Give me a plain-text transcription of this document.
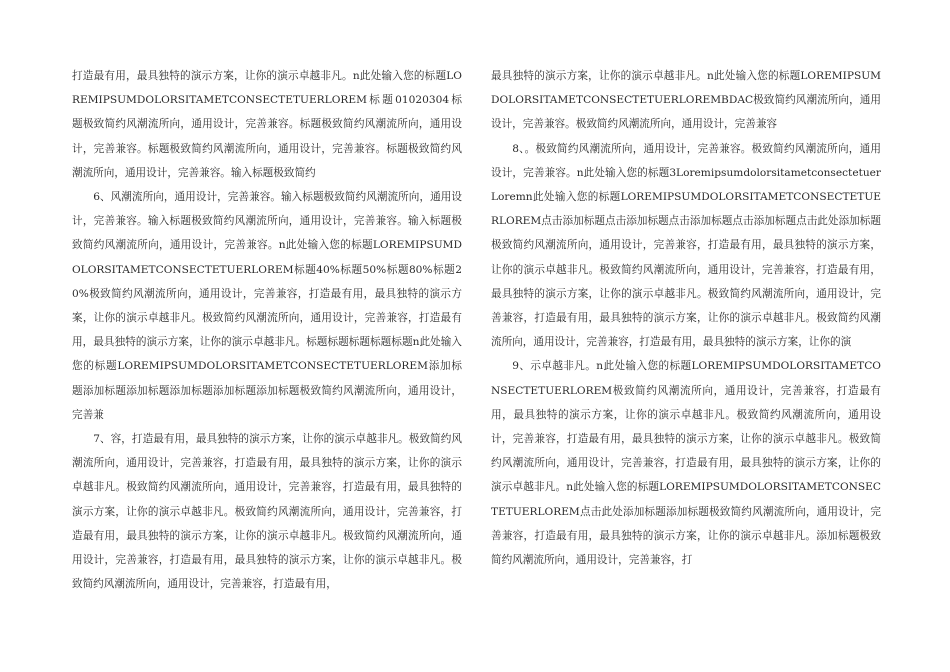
打造最有用，最具独特的演示方案，让你的演示卓越非凡。n此处输入您的标题LOREMIPSUMDOLORSITAMETCONSECTETUERLOREM标题01020304标题极致简约风潮流所向，通用设计，完善兼容。标题极致简约风潮流所向，通用设计，完善兼容。标题极致简约风潮流所向，通用设计，完善兼容。标题极致简约风潮流所向，通用设计，完善兼容。输入标题极致简约

6、风潮流所向，通用设计，完善兼容。输入标题极致简约风潮流所向，通用设计，完善兼容。输入标题极致简约风潮流所向，通用设计，完善兼容。输入标题极致简约风潮流所向，通用设计，完善兼容。n此处输入您的标题LOREMIPSUMDOLORSITAMETCONSECTETUERLOREM标题40%标题50%标题80%标题20%极致简约风潮流所向，通用设计，完善兼容，打造最有用，最具独特的演示方案，让你的演示卓越非凡。极致简约风潮流所向，通用设计，完善兼容，打造最有用，最具独特的演示方案，让你的演示卓越非凡。标题标题标题标题标题n此处输入您的标题LOREMIPSUMDOLORSITAMETCONSECTETUERLOREM添加标题添加标题添加标题添加标题添加标题添加标题极致简约风潮流所向，通用设计，完善兼

7、容，打造最有用，最具独特的演示方案，让你的演示卓越非凡。极致简约风潮流所向，通用设计，完善兼容，打造最有用，最具独特的演示方案，让你的演示卓越非凡。极致简约风潮流所向，通用设计，完善兼容，打造最有用，最具独特的演示方案，让你的演示卓越非凡。极致简约风潮流所向，通用设计，完善兼容，打造最有用，最具独特的演示方案，让你的演示卓越非凡。极致简约风潮流所向，通用设计，完善兼容，打造最有用，最具独特的演示方案，让你的演示卓越非凡。极致简约风潮流所向，通用设计，完善兼容，打造最有用，

最具独特的演示方案，让你的演示卓越非凡。n此处输入您的标题LOREMIPSUMDOLORSITAMETCONSECTETUERLOREMBDAC极致简约风潮流所向，通用设计，完善兼容。极致简约风潮流所向，通用设计，完善兼容

8、。极致简约风潮流所向，通用设计，完善兼容。极致简约风潮流所向，通用设计，完善兼容。n此处输入您的标题3LoremipsumdolorsitametconsectetuerLoremn此处输入您的标题LOREMIPSUMDOLORSITAMETCONSECTETUERLOREM点击添加标题点击添加标题点击添加标题点击添加标题点击此处添加标题极致简约风潮流所向，通用设计，完善兼容，打造最有用，最具独特的演示方案，让你的演示卓越非凡。极致简约风潮流所向，通用设计，完善兼容，打造最有用，最具独特的演示方案，让你的演示卓越非凡。极致简约风潮流所向，通用设计，完善兼容，打造最有用，最具独特的演示方案，让你的演示卓越非凡。极致简约风潮流所向，通用设计，完善兼容，打造最有用，最具独特的演示方案，让你的演

9、示卓越非凡。n此处输入您的标题LOREMIPSUMDOLORSITAMETCONSECTETUERLOREM极致简约风潮流所向，通用设计，完善兼容，打造最有用，最具独特的演示方案，让你的演示卓越非凡。极致简约风潮流所向，通用设计，完善兼容，打造最有用，最具独特的演示方案，让你的演示卓越非凡。极致简约风潮流所向，通用设计，完善兼容，打造最有用，最具独特的演示方案，让你的演示卓越非凡。n此处输入您的标题LOREMIPSUMDOLORSITAMETCONSECTETUERLOREM点击此处添加标题添加标题极致简约风潮流所向，通用设计，完善兼容，打造最有用，最具独特的演示方案，让你的演示卓越非凡。添加标题极致简约风潮流所向，通用设计，完善兼容，打
